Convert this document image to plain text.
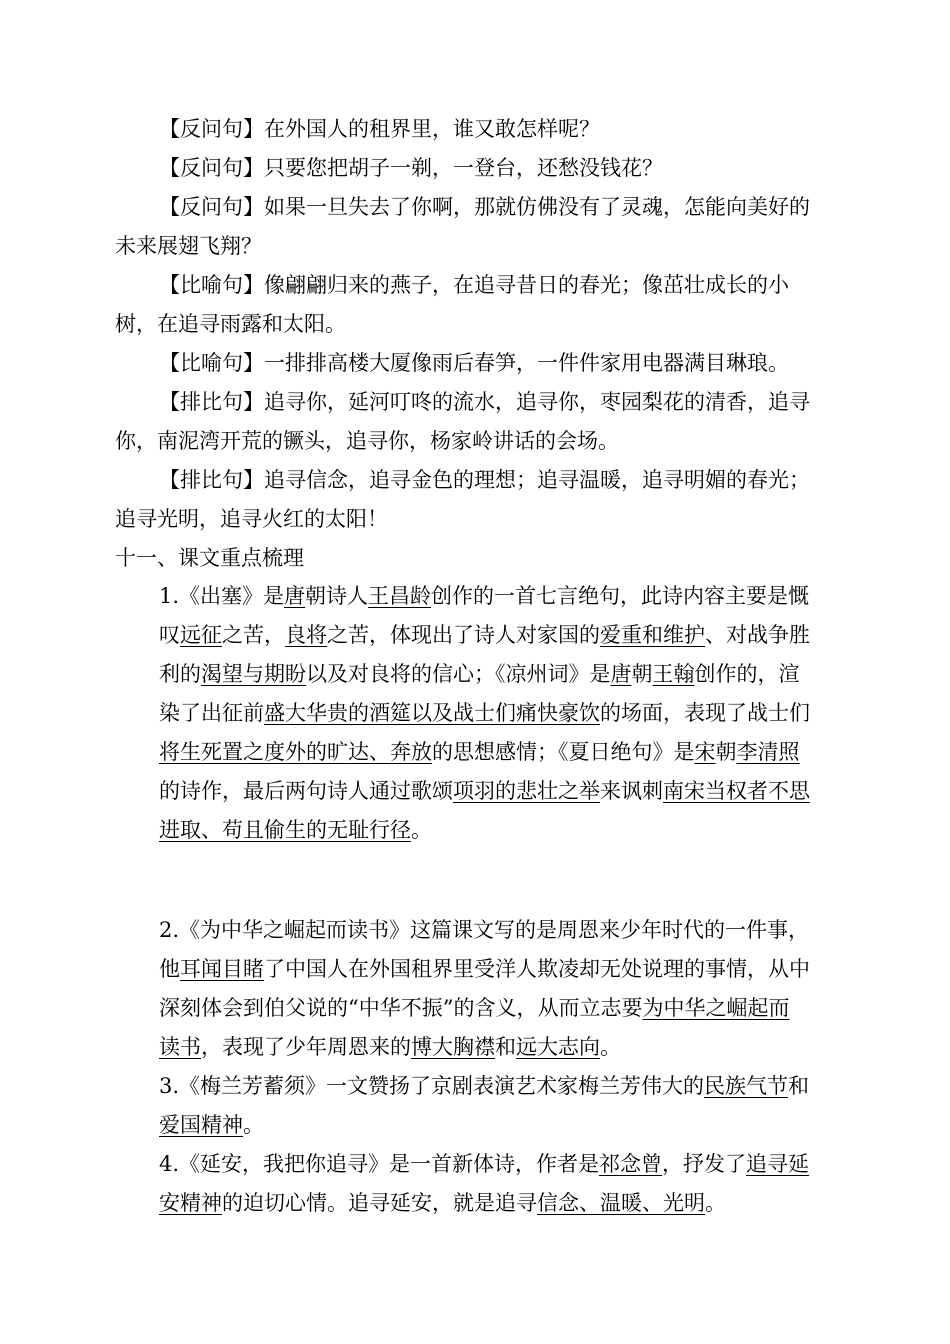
【反问句】在外国人的租界里，谁又敢怎样呢？
【反问句】只要您把胡子一剃，一登台，还愁没钱花？
【反问句】如果一旦失去了你啊，那就仿佛没有了灵魂，怎能向美好的
未来展翅飞翔？
【比喻句】像翩翩归来的燕子，在追寻昔日的春光；像茁壮成长的小
树，在追寻雨露和太阳。
【比喻句】一排排高楼大厦像雨后春笋，一件件家用电器满目琳琅。
【排比句】追寻你，延河叮咚的流水，追寻你，枣园梨花的清香，追寻
你，南泥湾开荒的镢头，追寻你，杨家岭讲话的会场。
【排比句】追寻信念，追寻金色的理想；追寻温暖，追寻明媚的春光；
追寻光明，追寻火红的太阳！
十一、课文重点梳理
1.《出塞》是唐朝诗人王昌龄创作的一首七言绝句，此诗内容主要是慨
叹远征之苦，良将之苦，体现出了诗人对家国的爱重和维护、对战争胜
利的渴望与期盼以及对良将的信心；《凉州词》是唐朝王翰创作的，渲
染了出征前盛大华贵的酒筵以及战士们痛快豪饮的场面，表现了战士们
将生死置之度外的旷达、奔放的思想感情；《夏日绝句》是宋朝李清照
的诗作，最后两句诗人通过歌颂项羽的悲壮之举来讽刺南宋当权者不思
进取、苟且偷生的无耻行径。
2.《为中华之崛起而读书》这篇课文写的是周恩来少年时代的一件事，
他耳闻目睹了中国人在外国租界里受洋人欺凌却无处说理的事情，从中
深刻体会到伯父说的“中华不振”的含义，从而立志要为中华之崛起而
读书，表现了少年周恩来的博大胸襟和远大志向。
3.《梅兰芳蓄须》一文赞扬了京剧表演艺术家梅兰芳伟大的民族气节和
爱国精神。
4.《延安，我把你追寻》是一首新体诗，作者是祁念曾，抒发了追寻延
安精神的迫切心情。追寻延安，就是追寻信念、温暖、光明。
